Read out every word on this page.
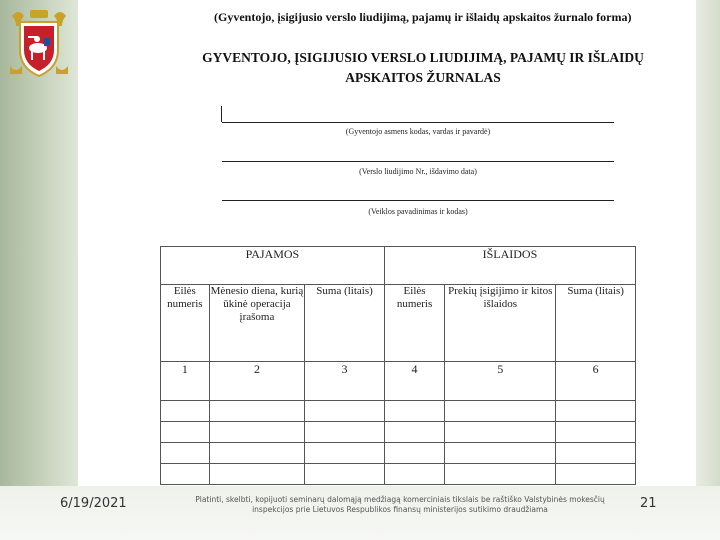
(Gyventojo, įsigijusio verslo liudijimą, pajamų ir išlaidų apskaitos žurnalo forma)
GYVENTOJO, ĮSIGIJUSIO VERSLO LIUDIJIMĄ, PAJAMŲ IR IŠLAIDŲ APSKAITOS ŽURNALAS
(Gyventojo asmens kodas, vardas ir pavardė)
(Verslo liudijimo Nr., išdavimo data)
(Veiklos pavadinimas ir kodas)
PAJAMOS			IŠLAIDOS		
Eilės numeris	Mėnesio diena, kurią ūkinė operacija įrašoma	Suma (litais)	Eilės numeris	Prekių įsigijimo ir kitos išlaidos	Suma (litais)
1	2	3	4	5	6

6/19/2021	Platinti, skelbti, kopijuoti seminarų dalomąją medžiagą komerciniais tikslais be raštiško Valstybinės mokesčių inspekcijos prie Lietuvos Respublikos finansų ministerijos sutikimo draudžiama	21
